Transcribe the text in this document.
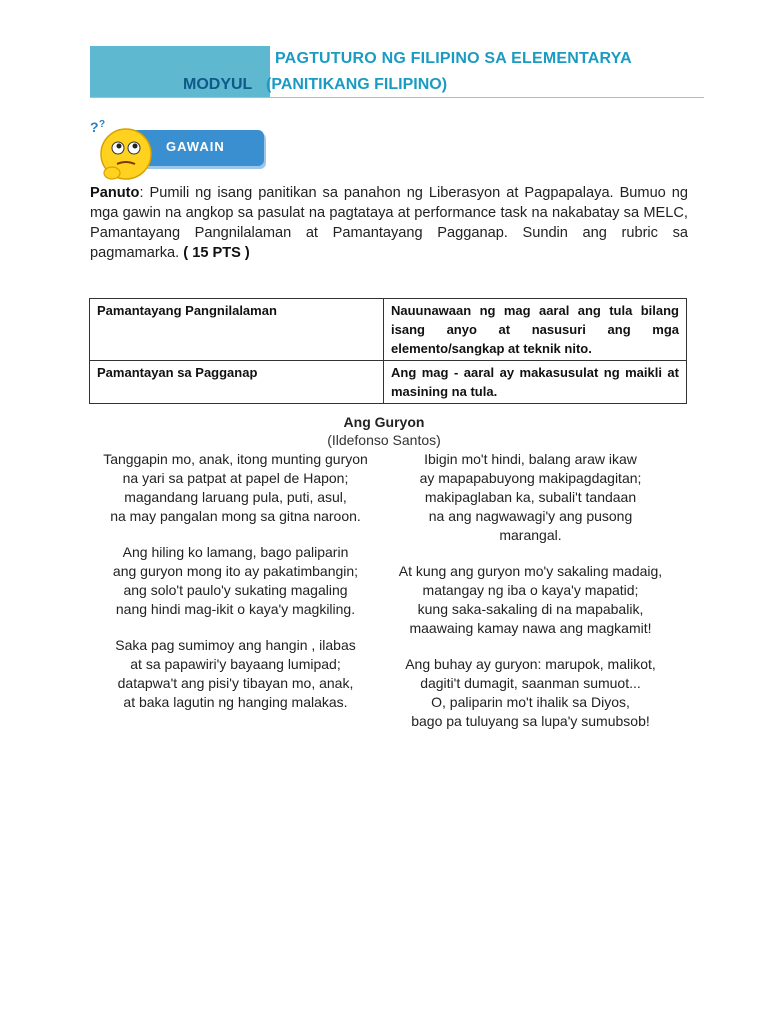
PAGTUTURO NG FILIPINO SA ELEMENTARYA
MODYUL (PANITIKANG FILIPINO)
GAWAIN
? ?
Panuto: Pumili ng isang panitikan sa panahon ng Liberasyon at Pagpapalaya. Bumuo ng mga gawin na angkop sa pasulat na pagtataya at performance task na nakabatay sa MELC, Pamantayang Pangnilalaman at Pamantayang Pagganap. Sundin ang rubric sa pagmamarka. ( 15 PTS )
Pamantayang Pangnilalaman	Nauunawaan ng mag aaral ang tula bilang isang anyo at nasusuri ang mga elemento/sangkap at teknik nito.
Pamantayan sa Pagganap	Ang mag - aaral ay makasusulat ng maikli at masining na tula.
Ang Guryon
(Ildefonso Santos)
Tanggapin mo, anak, itong munting guryon
na yari sa patpat at papel de Hapon;
magandang laruang pula, puti, asul,
na may pangalan mong sa gitna naroon.
Ang hiling ko lamang, bago paliparin
ang guryon mong ito ay pakatimbangin;
ang solo't paulo'y sukating magaling
nang hindi mag-ikit o kaya'y magkiling.
Saka pag sumimoy ang hangin , ilabas
at sa papawiri'y bayaang lumipad;
datapwa't ang pisi'y tibayan mo, anak,
at baka lagutin ng hanging malakas.
Ibigin mo't hindi, balang araw ikaw
ay mapapabuyong makipagdagitan;
makipaglaban ka, subali't tandaan
na ang nagwawagi'y ang pusong
marangal.
At kung ang guryon mo'y sakaling madaig,
matangay ng iba o kaya'y mapatid;
kung saka-sakaling di na mapabalik,
maawaing kamay nawa ang magkamit!
Ang buhay ay guryon: marupok, malikot,
dagiti't dumagit, saanman sumuot...
O, paliparin mo't ihalik sa Diyos,
bago pa tuluyang sa lupa'y sumubsob!
